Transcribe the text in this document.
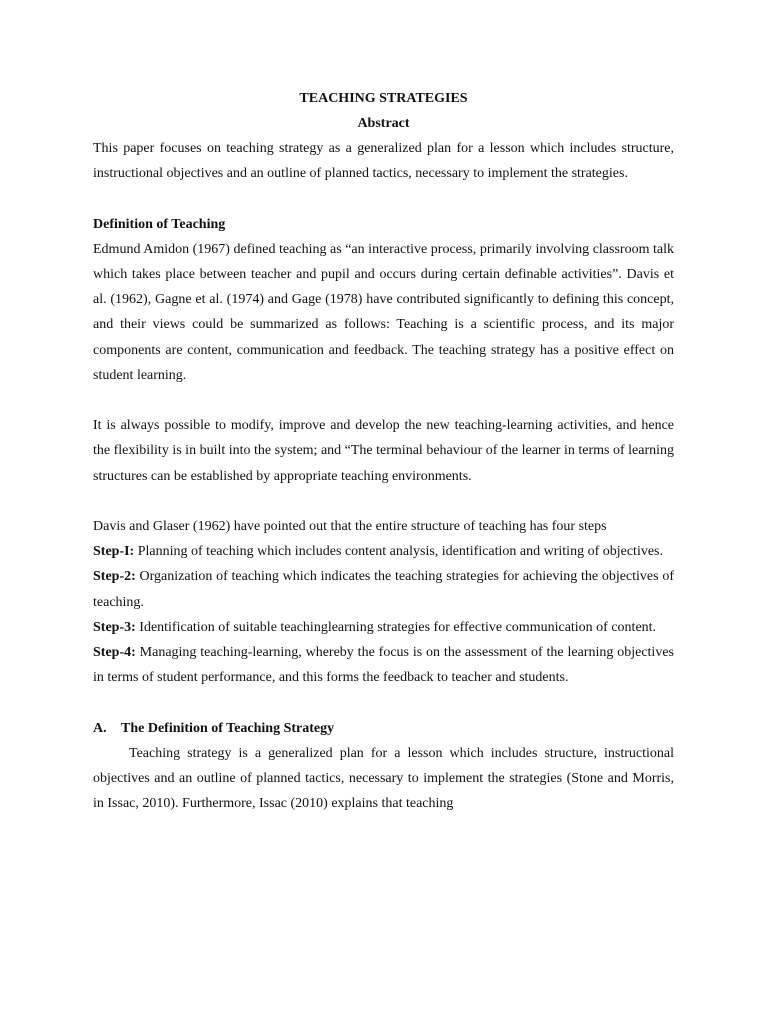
TEACHING STRATEGIES
Abstract

This paper focuses on teaching strategy as a generalized plan for a lesson which includes structure, instructional objectives and an outline of planned tactics, necessary to implement the strategies.

Definition of Teaching

Edmund Amidon (1967) defined teaching as “an interactive process, primarily involving classroom talk which takes place between teacher and pupil and occurs during certain definable activities”. Davis et al. (1962), Gagne et al. (1974) and Gage (1978) have contributed significantly to defining this concept, and their views could be summarized as follows: Teaching is a scientific process, and its major components are content, communication and feedback. The teaching strategy has a positive effect on student learning.

It is always possible to modify, improve and develop the new teaching-learning activities, and hence the flexibility is in built into the system; and “The terminal behaviour of the learner in terms of learning structures can be established by appropriate teaching environments.

Davis and Glaser (1962) have pointed out that the entire structure of teaching has four steps

Step-I: Planning of teaching which includes content analysis, identification and writing of objectives.

Step-2: Organization of teaching which indicates the teaching strategies for achieving the objectives of teaching.

Step-3: Identification of suitable teachinglearning strategies for effective communication of content.

Step-4: Managing teaching-learning, whereby the focus is on the assessment of the learning objectives in terms of student performance, and this forms the feedback to teacher and students.

A. The Definition of Teaching Strategy

Teaching strategy is a generalized plan for a lesson which includes structure, instructional objectives and an outline of planned tactics, necessary to implement the strategies (Stone and Morris, in Issac, 2010). Furthermore, Issac (2010) explains that teaching
